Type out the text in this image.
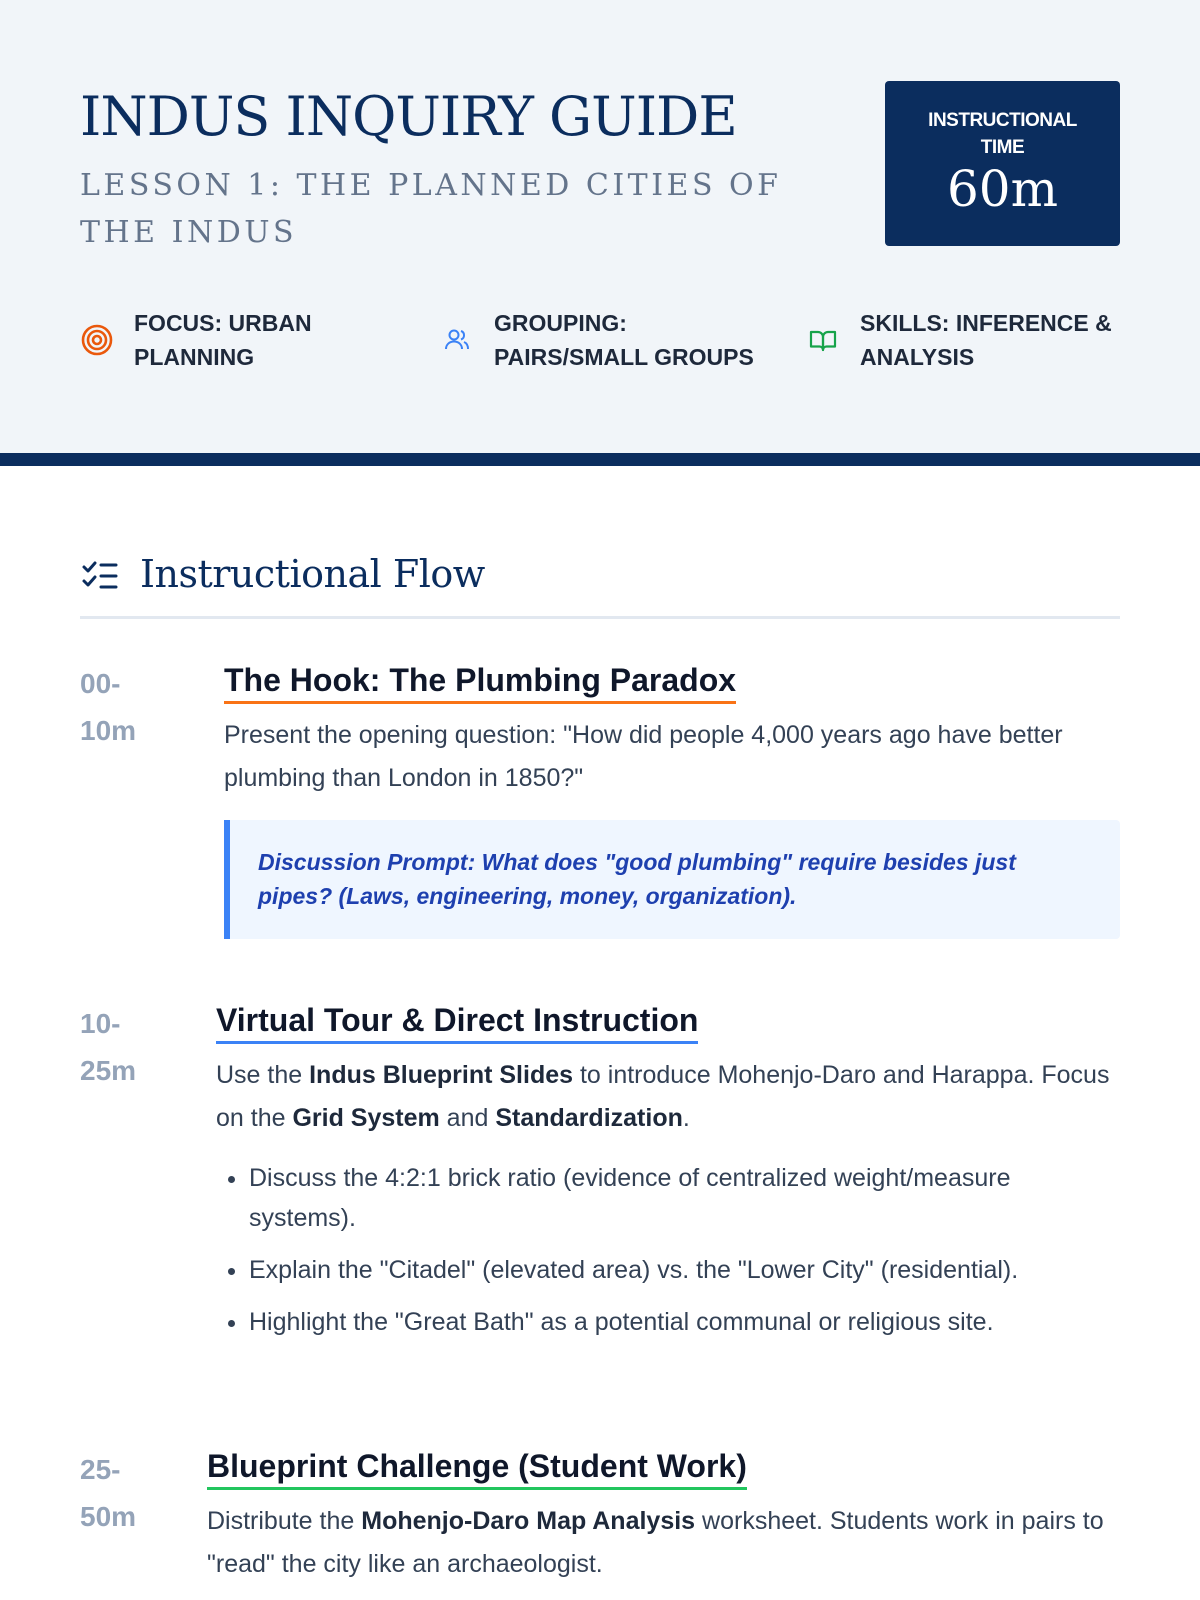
INDUS INQUIRY GUIDE
LESSON 1: THE PLANNED CITIES OF THE INDUS
INSTRUCTIONAL TIME
60m
FOCUS: URBAN PLANNING
GROUPING: PAIRS/SMALL GROUPS
SKILLS: INFERENCE & ANALYSIS
Instructional Flow
00-10m
The Hook: The Plumbing Paradox

Present the opening question: "How did people 4,000 years ago have better plumbing than London in 1850?"

Discussion Prompt: What does "good plumbing" require besides just pipes? (Laws, engineering, money, organization).
10-25m
Virtual Tour & Direct Instruction

Use the Indus Blueprint Slides to introduce Mohenjo-Daro and Harappa. Focus on the Grid System and Standardization.

• Discuss the 4:2:1 brick ratio (evidence of centralized weight/measure systems).
• Explain the "Citadel" (elevated area) vs. the "Lower City" (residential).
• Highlight the "Great Bath" as a potential communal or religious site.
25-50m
Blueprint Challenge (Student Work)

Distribute the Mohenjo-Daro Map Analysis worksheet. Students work in pairs to "read" the city like an archaeologist.
